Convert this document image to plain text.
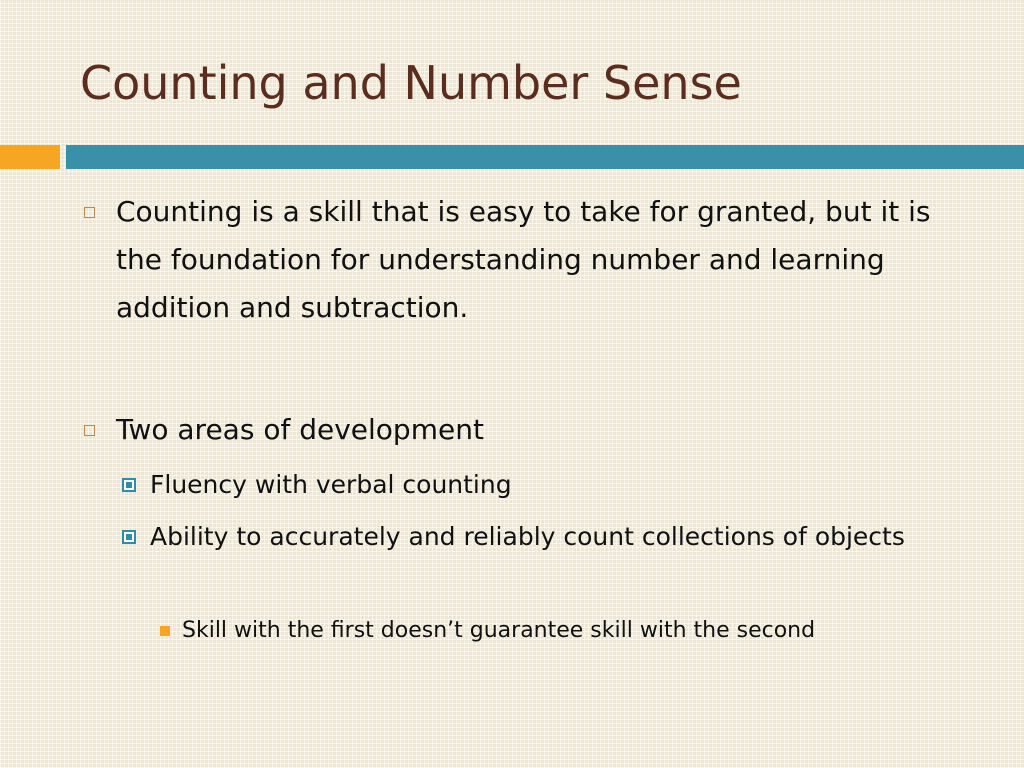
Counting and Number Sense
Counting is a skill that is easy to take for granted, but it is the foundation for understanding number and learning addition and subtraction.
Two areas of development
Fluency with verbal counting
Ability to accurately and reliably count collections of objects
Skill with the first doesn’t guarantee skill with the second
